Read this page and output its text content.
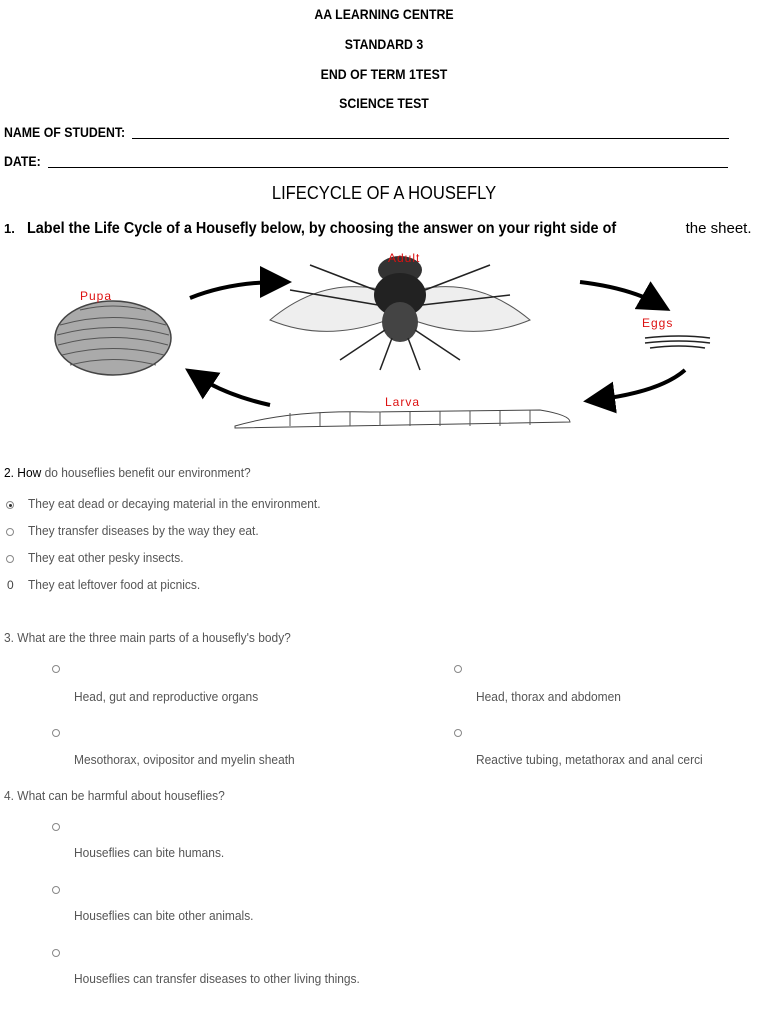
AA LEARNING CENTRE
STANDARD 3
END OF TERM 1TEST
SCIENCE TEST
NAME OF STUDENT:
DATE:
LIFECYCLE OF A HOUSEFLY
1. Label the Life Cycle of a Housefly below, by choosing the answer on your right side of	the sheet.
Pupa
Adult
Eggs
Larva
2. How do houseflies benefit our environment?
They eat dead or decaying material in the environment.
They transfer diseases by the way they eat.
They eat other pesky insects.
0 They eat leftover food at picnics.
3. What are the three main parts of a housefly's body?
Head, gut and reproductive organs	Head, thorax and abdomen
Mesothorax, ovipositor and myelin sheath	Reactive tubing, metathorax and anal cerci
4. What can be harmful about houseflies?
Houseflies can bite humans.
Houseflies can bite other animals.
Houseflies can transfer diseases to other living things.
